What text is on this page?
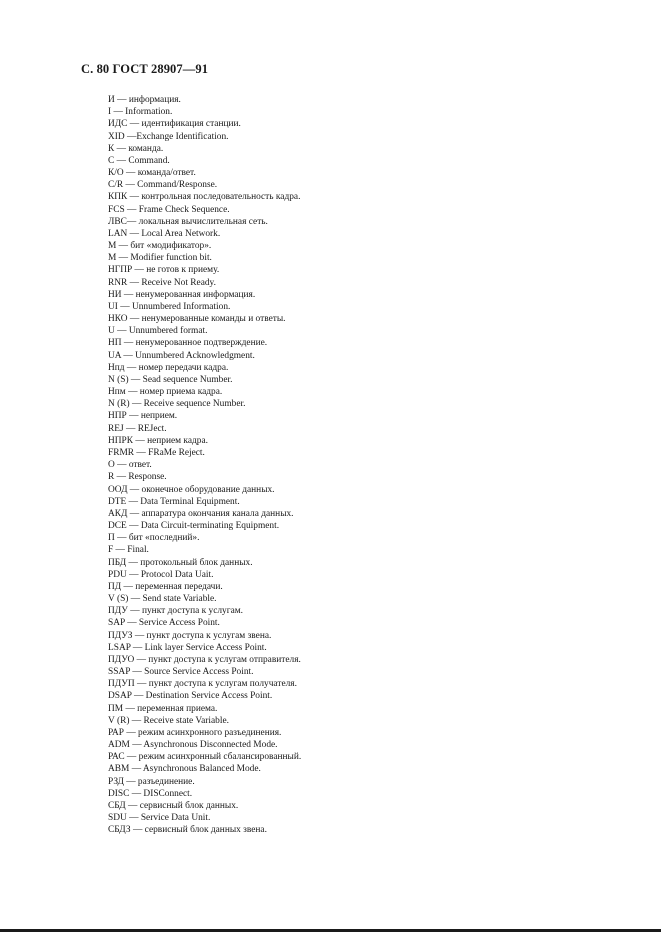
С. 80 ГОСТ 28907—91
И — информация.
I — Information.
ИДС — идентификация станции.
XID —Exchange Identification.
К — команда.
С — Command.
К/О — команда/ответ.
С/R — Command/Response.
КПК — контрольная последовательность кадра.
FCS — Frame Check Sequence.
ЛВС— локальная вычислительная сеть.
LAN — Local Area Network.
М — бит «модификатор».
М — Modifier function bit.
НГПР — не готов к приему.
RNR — Receive Not Ready.
НИ — ненумерованная информация.
UI — Unnumbered Information.
НКО — ненумерованные команды и ответы.
U — Unnumbered format.
НП — ненумерованное подтверждение.
UA — Unnumbered Acknowledgment.
Нпд — номер передачи кадра.
N (S) — Sead sequence Number.
Нпм — номер приема кадра.
N (R) — Receive sequence Number.
НПР — неприем.
REJ — REJect.
НПРК — неприем кадра.
FRMR — FRaMe Reject.
О — ответ.
R — Response.
ООД — оконечное оборудование данных.
DTE — Data Terminal Equipment.
АКД — аппаратура окончания канала данных.
DCE — Data Circuit-terminating Equipment.
П — бит «последний».
F — Final.
ПБД — протокольный блок данных.
PDU — Protocol Data Uait.
ПД — переменная передачи.
V (S) — Send state Variable.
ПДУ — пункт доступа к услугам.
SAP — Service Access Point.
ПДУЗ — пункт доступа к услугам звена.
LSAP — Link layer Service Access Point.
ПДУО — пункт доступа к услугам отправителя.
SSAP — Source Service Access Point.
ПДУП — пункт доступа к услугам получателя.
DSAP — Destination Service Access Point.
ПМ — переменная приема.
V (R) — Receive state Variable.
РАР — режим асинхронного разъединения.
ADM — Asynchronous Disconnected Mode.
РАС — режим асинхронный сбалансированный.
ABM — Asynchronous Balanced Mode.
РЗД — разъединение.
DISC — DISConnect.
СБД — сервисный блок данных.
SDU — Service Data Unit.
СБДЗ — сервисный блок данных звена.
